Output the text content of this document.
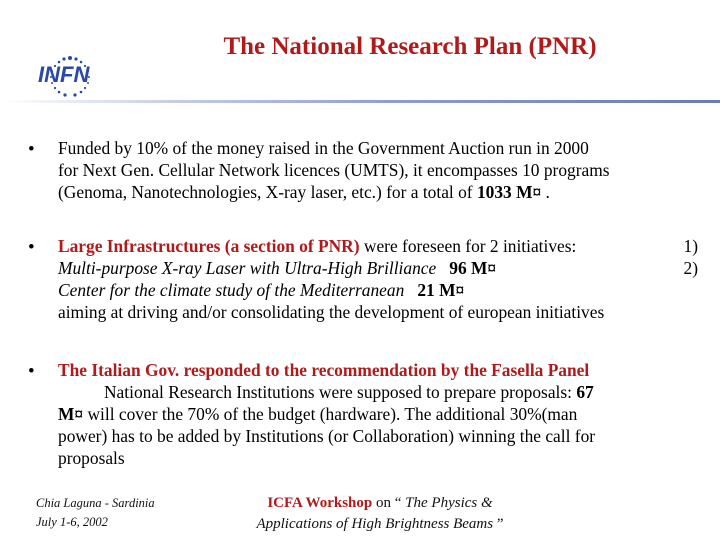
INFN
The National Research Plan (PNR)
• Funded by 10% of the money raised in the Government Auction run in 2000
for Next Gen. Cellular Network licences (UMTS), it encompasses 10 programs
(Genoma, Nanotechnologies, X-ray laser, etc.) for a total of 1033 M¤ .
• Large Infrastructures (a section of PNR) were foreseen for 2 initiatives:	1)
Multi-purpose X-ray Laser with Ultra-High Brilliance 96 M¤	2)
Center for the climate study of the Mediterranean 21 M¤
aiming at driving and/or consolidating the development of european initiatives
• The Italian Gov. responded to the recommendation by the Fasella Panel
National Research Institutions were supposed to prepare proposals: 67
M¤ will cover the 70% of the budget (hardware). The additional 30%(man
power) has to be added by Institutions (or Collaboration) winning the call for
proposals
Chia Laguna - Sardinia
July 1-6, 2002
ICFA Workshop on “ The Physics &
Applications of High Brightness Beams ”
